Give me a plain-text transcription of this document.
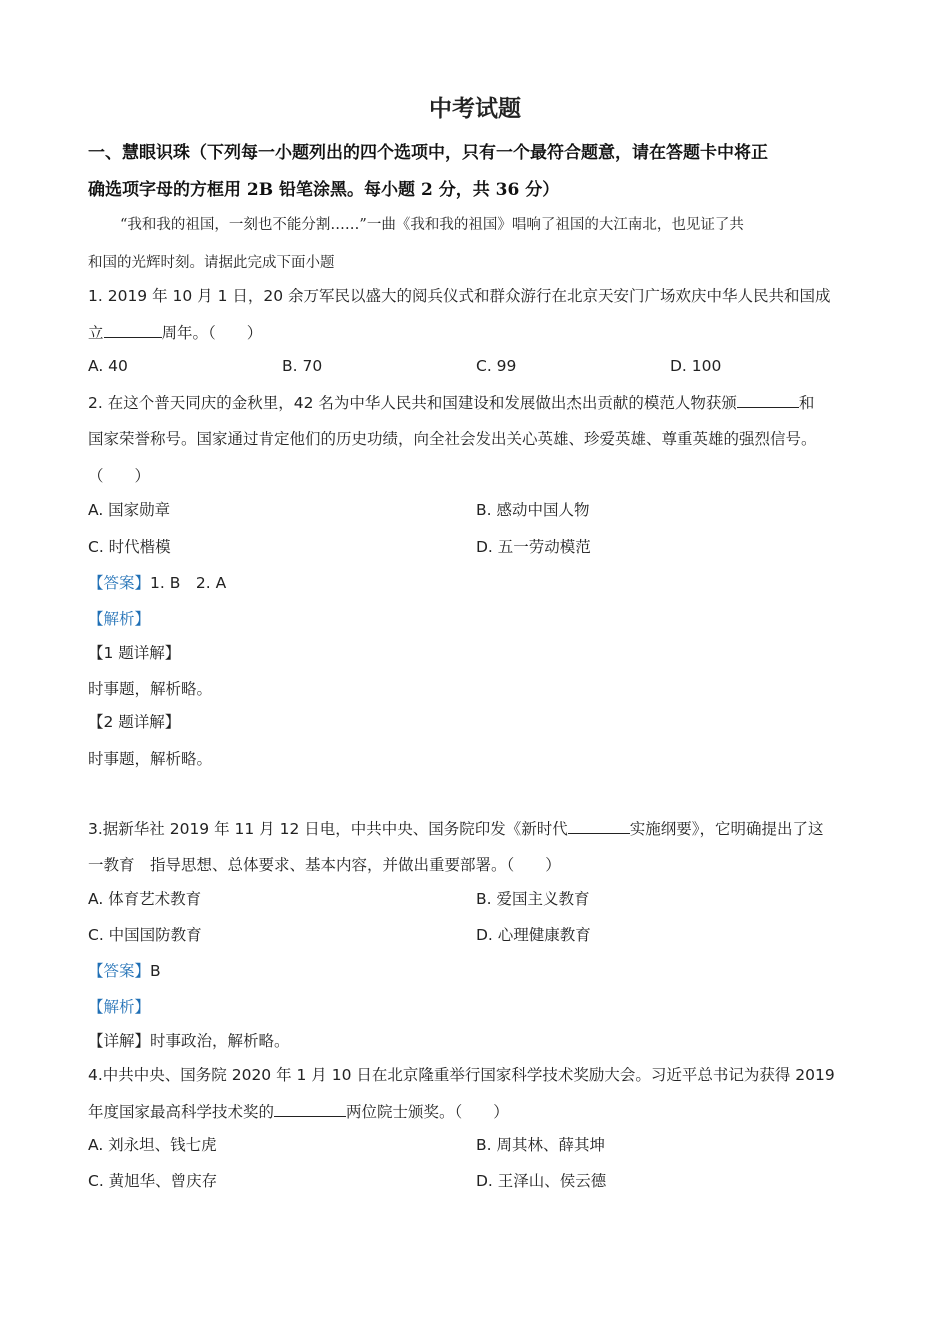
中考试题
一、慧眼识珠（下列每一小题列出的四个选项中，只有一个最符合题意，请在答题卡中将正
确选项字母的方框用 2B 铅笔涂黑。每小题 2 分，共 36 分）
“我和我的祖国，一刻也不能分割……”一曲《我和我的祖国》唱响了祖国的大江南北，也见证了共
和国的光辉时刻。请据此完成下面小题
1. 2019 年 10 月 1 日，20 余万军民以盛大的阅兵仪式和群众游行在北京天安门广场欢庆中华人民共和国成
立	周年。（　　）
A. 40	B. 70	C. 99	D. 100
2. 在这个普天同庆的金秋里，42 名为中华人民共和国建设和发展做出杰出贡献的模范人物获颁	和
国家荣誉称号。国家通过肯定他们的历史功绩，向全社会发出关心英雄、珍爱英雄、尊重英雄的强烈信号。
（　　）
A. 国家勋章	B. 感动中国人物
C. 时代楷模	D. 五一劳动模范
【答案】1. B　2. A
【解析】
【1 题详解】
时事题，解析略。
【2 题详解】
时事题，解析略。
3.据新华社 2019 年 11 月 12 日电，中共中央、国务院印发《新时代	实施纲要》，它明确提出了这
一教育　指导思想、总体要求、基本内容，并做出重要部署。（　　）
A. 体育艺术教育	B. 爱国主义教育
C. 中国国防教育	D. 心理健康教育
【答案】B
【解析】
【详解】时事政治，解析略。
4.中共中央、国务院 2020 年 1 月 10 日在北京隆重举行国家科学技术奖励大会。习近平总书记为获得 2019
年度国家最高科学技术奖的	两位院士颁奖。（　　）
A. 刘永坦、钱七虎	B. 周其林、薛其坤
C. 黄旭华、曾庆存	D. 王泽山、侯云德
